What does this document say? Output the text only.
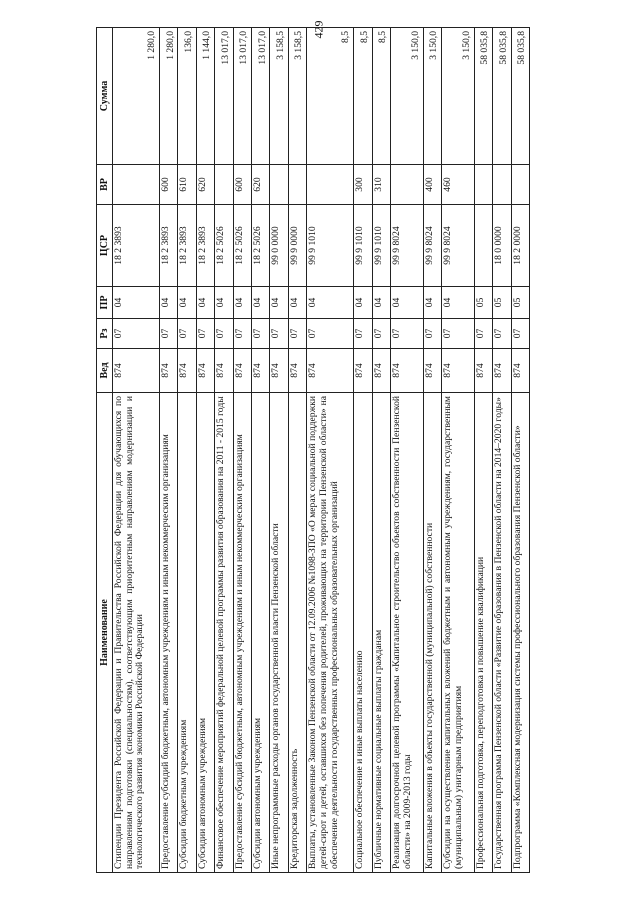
429
Наименование	Вед	Рз	ПР	ЦСР	ВР	Сумма
Стипендии Президента Российской Федерации и Правительства Российской Федерации для обучающихся по направлениям подготовки (специальностям), соответствующим приоритетным направлениям модернизации и технологического развития экономики Российской Федерации	874	07	04	18 2 3893		1 280,0
Предоставление субсидий бюджетным, автономным учреждениям и иным некоммерческим организациям	874	07	04	18 2 3893	600	1 280,0
Субсидии бюджетным учреждениям	874	07	04	18 2 3893	610	136,0
Субсидии автономным учреждениям	874	07	04	18 2 3893	620	1 144,0
Финансовое обеспечение мероприятий федеральной целевой программы развития образования на 2011 - 2015 годы	874	07	04	18 2 5026		13 017,0
Предоставление субсидий бюджетным, автономным учреждениям и иным некоммерческим организациям	874	07	04	18 2 5026	600	13 017,0
Субсидии автономным учреждениям	874	07	04	18 2 5026	620	13 017,0
Иные непрограммные расходы органов государственной власти Пензенской области	874	07	04	99 0 0000		3 158,5
Кредиторская задолженность	874	07	04	99 9 0000		3 158,5
Выплаты, установленные Законом Пензенской области от 12.09.2006 №1098-ЗПО «О мерах социальной поддержки детей-сирот и детей, оставшихся без попечения родителей, проживающих на территории Пензенской области» на обеспечение деятельности государственных профессиональных образовательных организаций	874	07	04	99 9 1010		8,5
Социальное обеспечение и иные выплаты населению	874	07	04	99 9 1010	300	8,5
Публичные нормативные социальные выплаты гражданам	874	07	04	99 9 1010	310	8,5
Реализация долгосрочной целевой программы «Капитальное строительство объектов собственности Пензенской области» на 2009-2013 годы	874	07	04	99 9 8024		3 150,0
Капитальные вложения в объекты государственной (муниципальной) собственности	874	07	04	99 9 8024	400	3 150,0
Субсидии на осуществление капитальных вложений бюджетным и автономным учреждениям, государственным (муниципальным) унитарным предприятиям	874	07	04	99 9 8024	460	3 150,0
Профессиональная подготовка, переподготовка и повышение квалификации	874	07	05			58 035,8
Государственная программа Пензенской области «Развитие образования в Пензенской области на 2014–2020 годы»	874	07	05	18 0 0000		58 035,8
Подпрограмма «Комплексная модернизация системы профессионального образования Пензенской области»	874	07	05	18 2 0000		58 035,8
